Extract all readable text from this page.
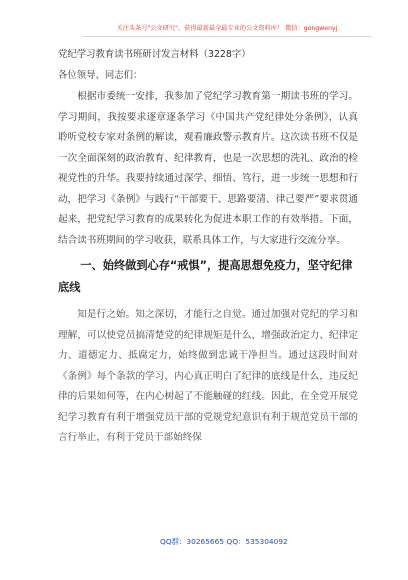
关注头条号"公文研究"，获得最新最全最专业的公文资料库！ 微信：gongwenyj

党纪学习教育读书班研讨发言材料（3228字）

各位领导、同志们：

根据市委统一安排，我参加了党纪学习教育第一期读书班的学习。学习期间，我按要求逐章逐条学习《中国共产党纪律处分条例》，认真聆听党校专家对条例的解读，观看廉政警示教育片。这次读书班不仅是一次全面深刻的政治教育、纪律教育，也是一次思想的洗礼、政治的检视党性的升华。我要持续通过深学、细悟、笃行，进一步统一思想和行动，把学习《条例》与践行“干部要干、思路要清、律己要严”要求贯通起来，把党纪学习教育的成果转化为促进本职工作的有效举措。下面，结合读书班期间的学习收获，联系具体工作，与大家进行交流分享。

一、始终做到心存“戒惧”，提高思想免疫力，坚守纪律底线

知是行之始。知之深切，才能行之自觉。通过加强对党纪的学习和理解，可以使党员搞清楚党的纪律规矩是什么，增强政治定力、纪律定力、道德定力、抵腐定力，始终做到忠诚干净担当。通过这段时间对《条例》每个条款的学习，内心真正明白了纪律的底线是什么，违反纪律的后果如何等，在内心树起了不能触碰的红线。因此，在全党开展党纪学习教育有利于增强党员干部的党规党纪意识有利于规范党员干部的言行举止，有利于党员干部始终保

QQ群：30265665 QQ：535304092
